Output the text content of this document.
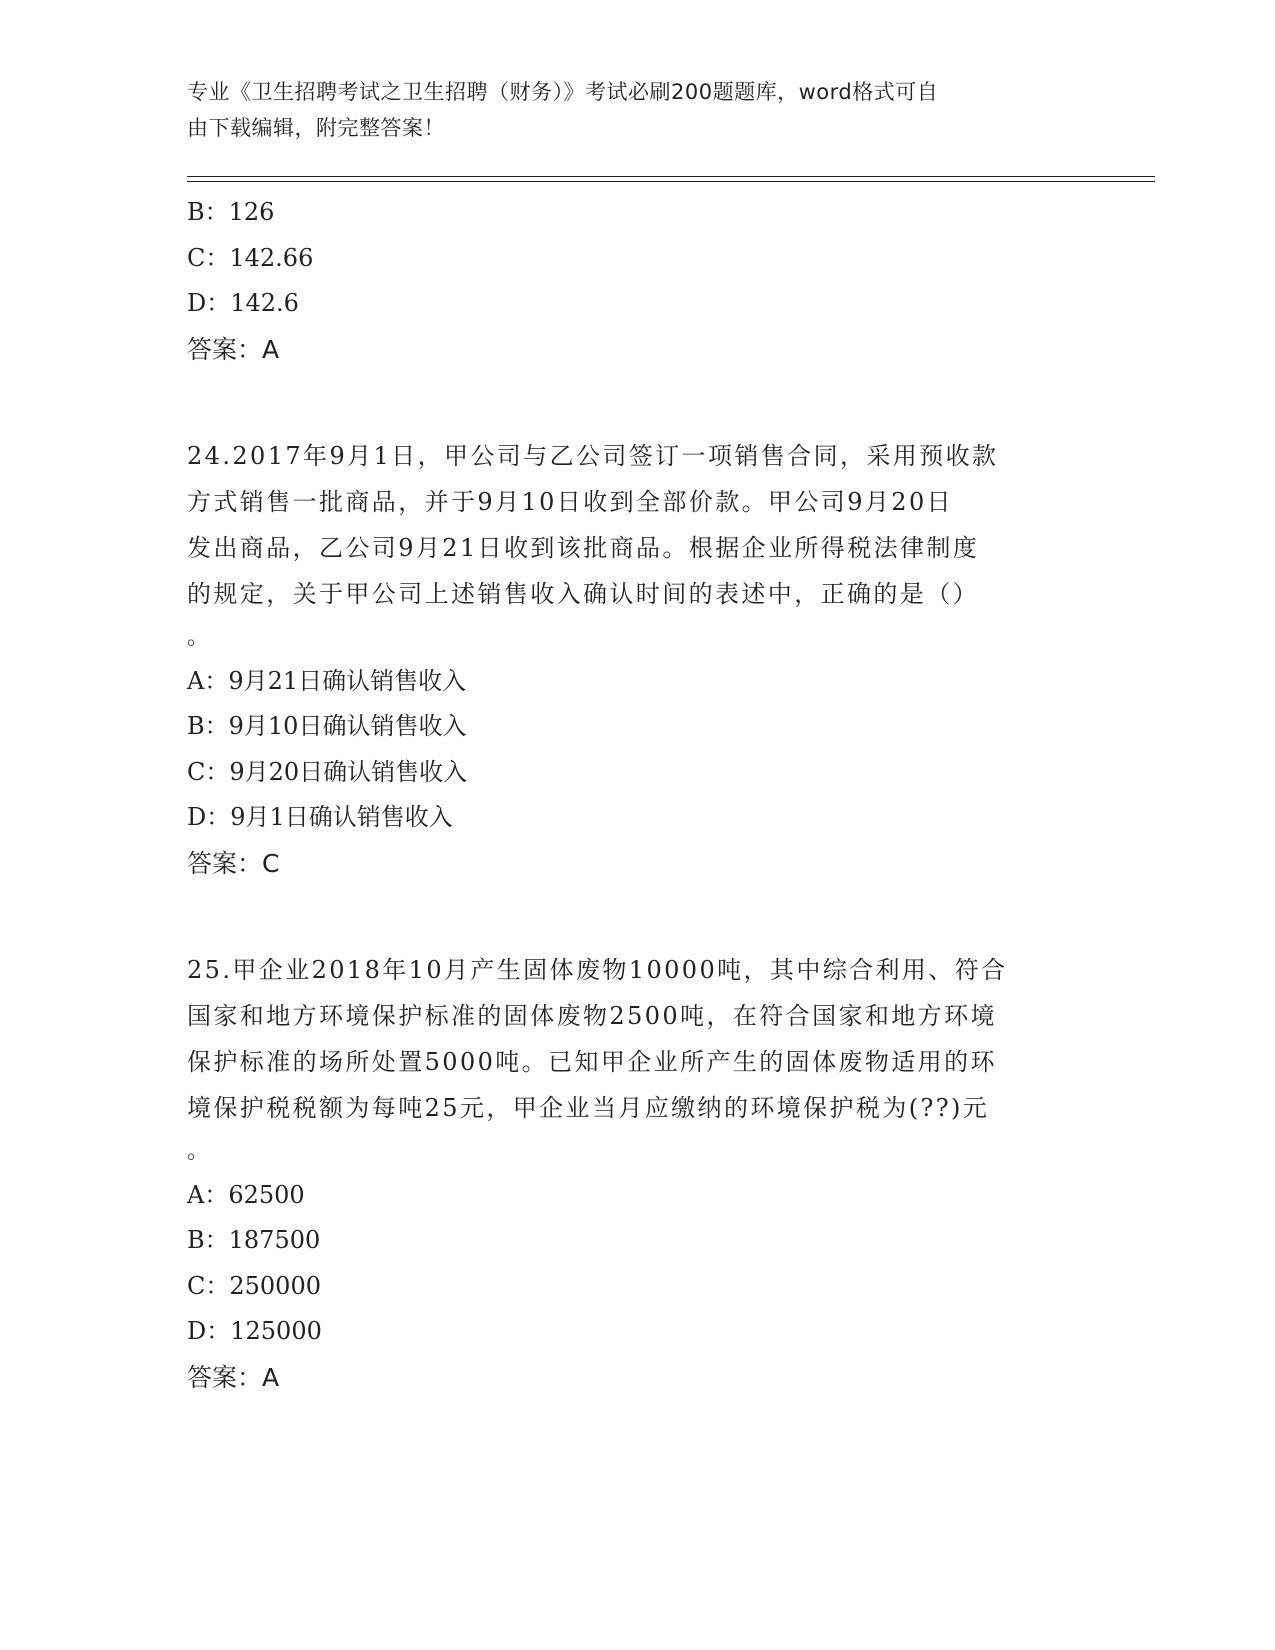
专业《卫生招聘考试之卫生招聘（财务）》考试必刷200题题库，word格式可自
由下载编辑，附完整答案！
B：126
C：142.66
D：142.6
答案：A
24.2017年9月1日，甲公司与乙公司签订一项销售合同，采用预收款
方式销售一批商品，并于9月10日收到全部价款。甲公司9月20日
发出商品，乙公司9月21日收到该批商品。根据企业所得税法律制度
的规定，关于甲公司上述销售收入确认时间的表述中，正确的是（）
。
A：9月21日确认销售收入
B：9月10日确认销售收入
C：9月20日确认销售收入
D：9月1日确认销售收入
答案：C
25.甲企业2018年10月产生固体废物10000吨，其中综合利用、符合
国家和地方环境保护标准的固体废物2500吨，在符合国家和地方环境
保护标准的场所处置5000吨。已知甲企业所产生的固体废物适用的环
境保护税税额为每吨25元，甲企业当月应缴纳的环境保护税为(??)元
。
A：62500
B：187500
C：250000
D：125000
答案：A
